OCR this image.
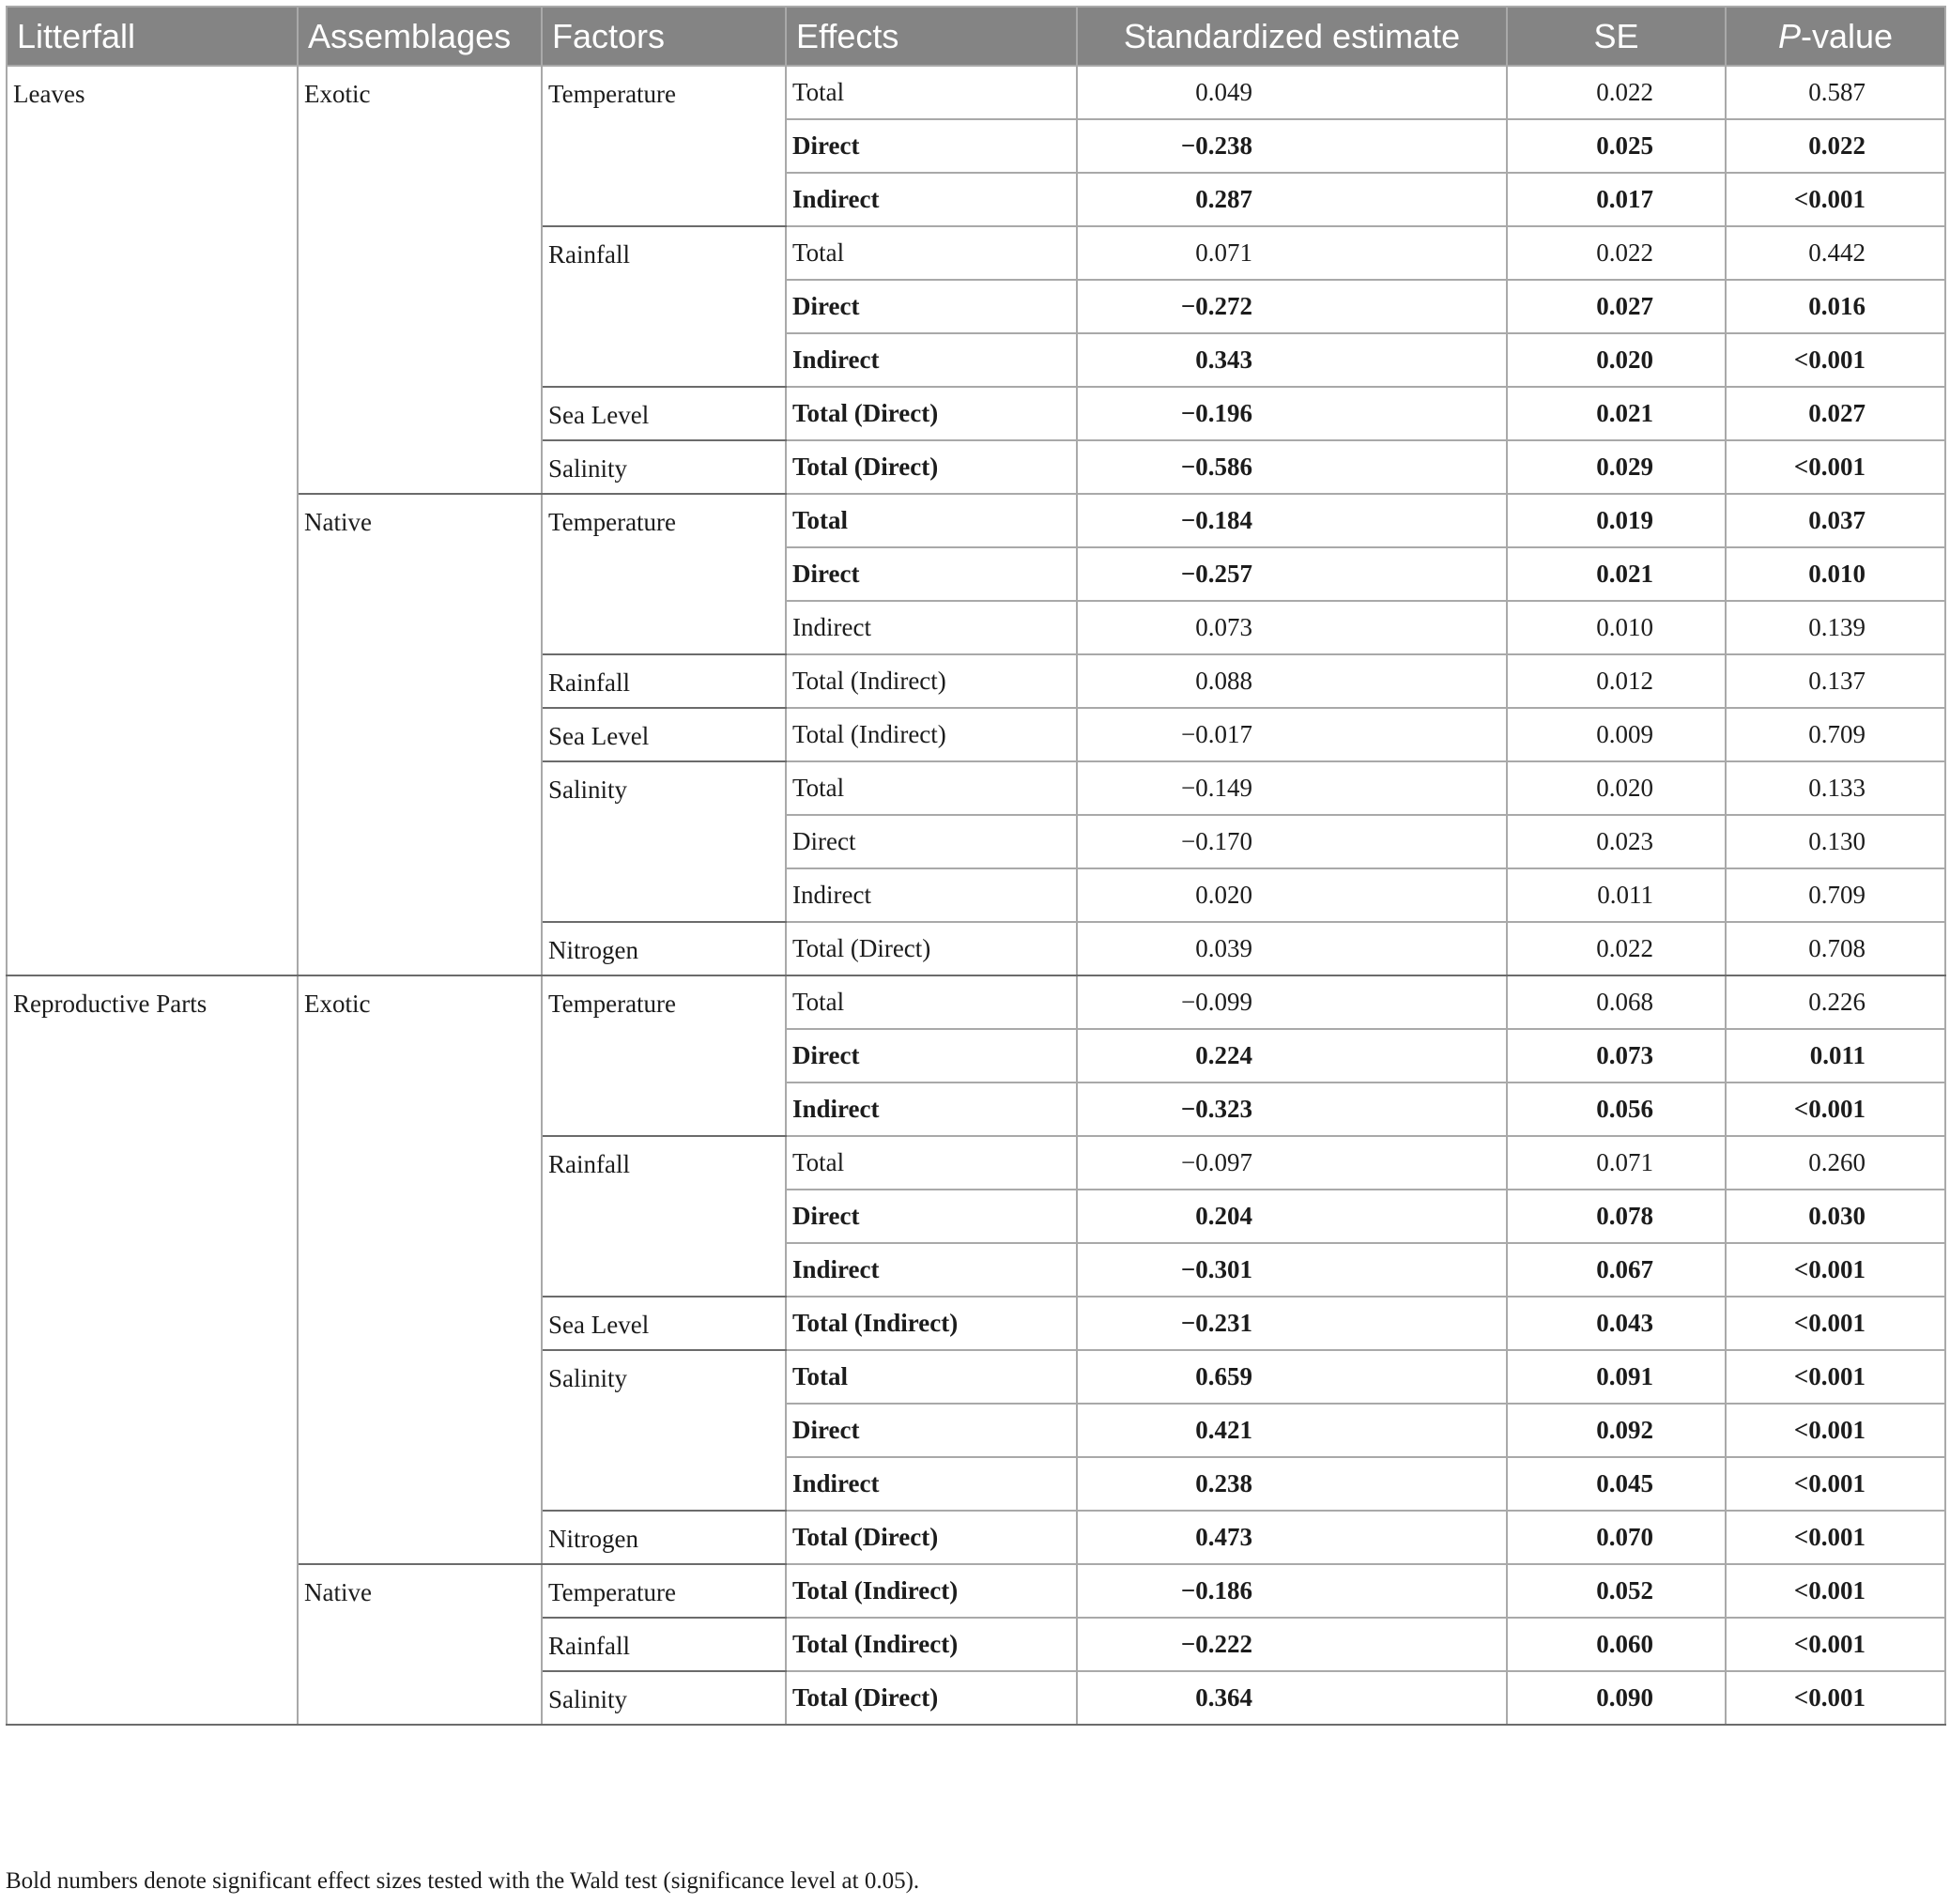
Litterfall	Assemblages	Factors	Effects	Standardized estimate	SE	P-value
Leaves	Exotic	Temperature	Total	0.049	0.022	0.587
			Direct	−0.238	0.025	0.022
			Indirect	0.287	0.017	<0.001
		Rainfall	Total	0.071	0.022	0.442
			Direct	−0.272	0.027	0.016
			Indirect	0.343	0.020	<0.001
		Sea Level	Total (Direct)	−0.196	0.021	0.027
		Salinity	Total (Direct)	−0.586	0.029	<0.001
	Native	Temperature	Total	−0.184	0.019	0.037
			Direct	−0.257	0.021	0.010
			Indirect	0.073	0.010	0.139
		Rainfall	Total (Indirect)	0.088	0.012	0.137
		Sea Level	Total (Indirect)	−0.017	0.009	0.709
		Salinity	Total	−0.149	0.020	0.133
			Direct	−0.170	0.023	0.130
			Indirect	0.020	0.011	0.709
		Nitrogen	Total (Direct)	0.039	0.022	0.708
Reproductive Parts	Exotic	Temperature	Total	−0.099	0.068	0.226
			Direct	0.224	0.073	0.011
			Indirect	−0.323	0.056	<0.001
		Rainfall	Total	−0.097	0.071	0.260
			Direct	0.204	0.078	0.030
			Indirect	−0.301	0.067	<0.001
		Sea Level	Total (Indirect)	−0.231	0.043	<0.001
		Salinity	Total	0.659	0.091	<0.001
			Direct	0.421	0.092	<0.001
			Indirect	0.238	0.045	<0.001
		Nitrogen	Total (Direct)	0.473	0.070	<0.001
	Native	Temperature	Total (Indirect)	−0.186	0.052	<0.001
		Rainfall	Total (Indirect)	−0.222	0.060	<0.001
		Salinity	Total (Direct)	0.364	0.090	<0.001
Bold numbers denote significant effect sizes tested with the Wald test (significance level at 0.05).
